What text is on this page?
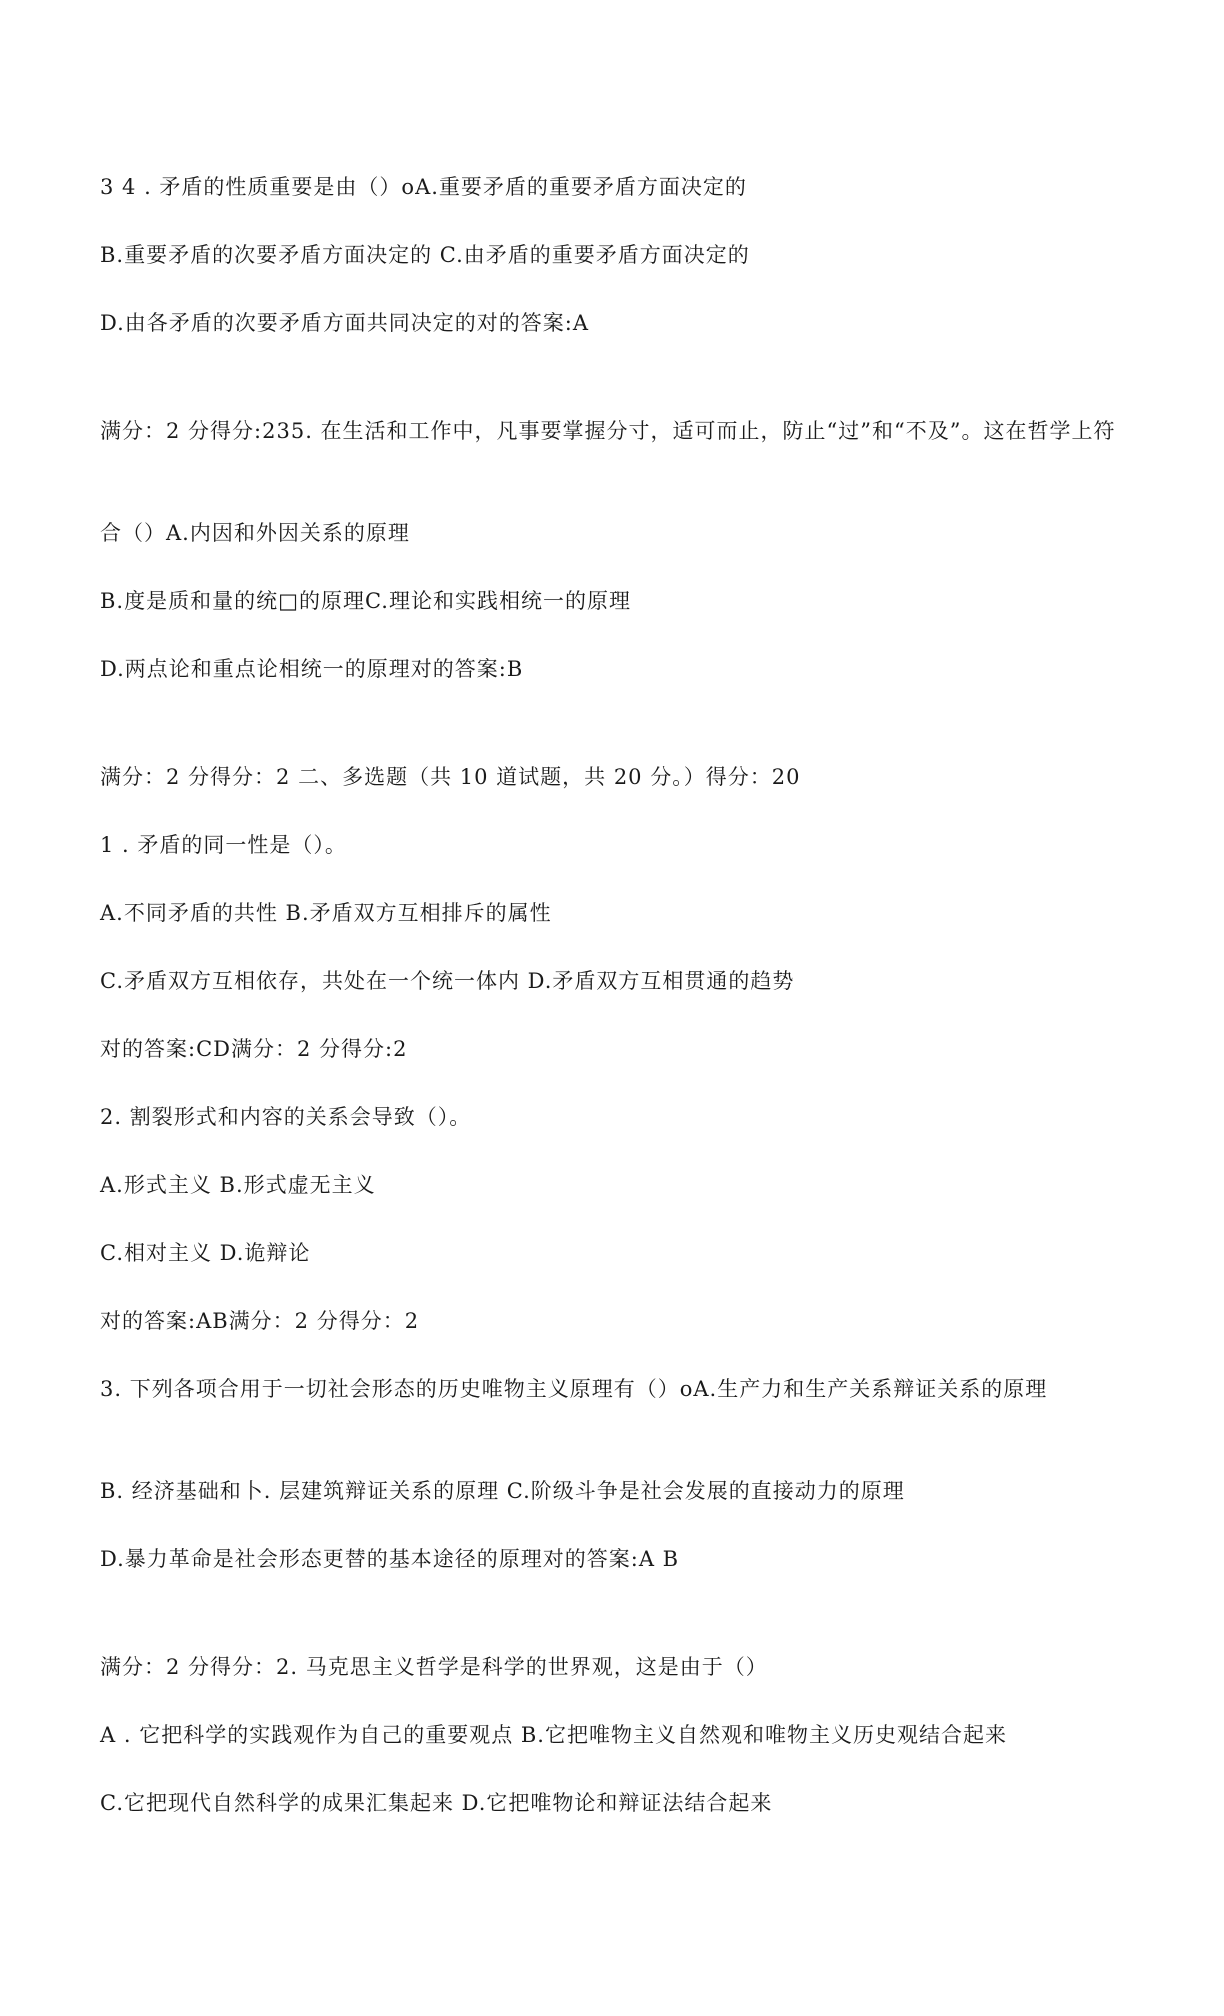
3 4 . 矛盾的性质重要是由（）oA.重要矛盾的重要矛盾方面决定的
B.重要矛盾的次要矛盾方面决定的 C.由矛盾的重要矛盾方面决定的
D.由各矛盾的次要矛盾方面共同决定的对的答案:A
满分：2 分得分:235. 在生活和工作中，凡事要掌握分寸，适可而止，防止“过”和“不及”。这在哲学上符
合（）A.内因和外因关系的原理
B.度是质和量的统□的原理C.理论和实践相统一的原理
D.两点论和重点论相统一的原理对的答案:B
满分：2 分得分：2 二、多选题（共 10 道试题，共 20 分。）得分：20
1 . 矛盾的同一性是（）。
A.不同矛盾的共性 B.矛盾双方互相排斥的属性
C.矛盾双方互相依存，共处在一个统一体内 D.矛盾双方互相贯通的趋势
对的答案:CD满分：2 分得分:2
2. 割裂形式和内容的关系会导致（）。
A.形式主义 B.形式虚无主义
C.相对主义 D.诡辩论
对的答案:AB满分：2 分得分：2
3. 下列各项合用于一切社会形态的历史唯物主义原理有（）oA.生产力和生产关系辩证关系的原理
B. 经济基础和卜. 层建筑辩证关系的原理 C.阶级斗争是社会发展的直接动力的原理
D.暴力革命是社会形态更替的基本途径的原理对的答案:A B
满分：2 分得分：2. 马克思主义哲学是科学的世界观，这是由于（）
A . 它把科学的实践观作为自己的重要观点 B.它把唯物主义自然观和唯物主义历史观结合起来
C.它把现代自然科学的成果汇集起来 D.它把唯物论和辩证法结合起来
